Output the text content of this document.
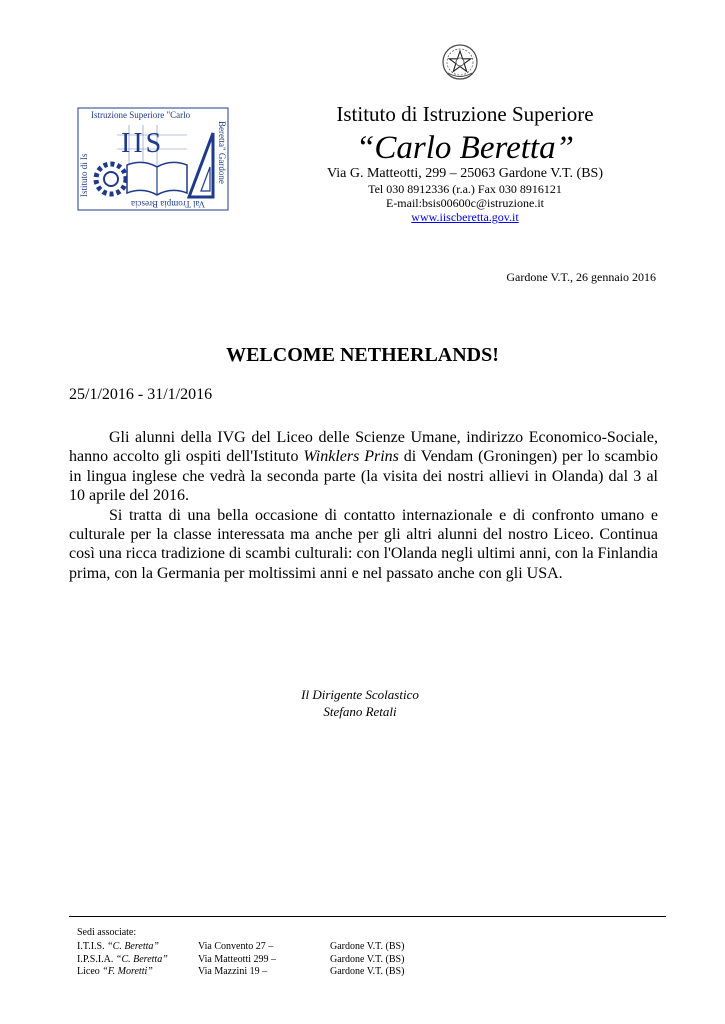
Istruzione Superiore "Carlo
Val Trompia Brescia
Istituto di Is	Beretta" Gardone
IIS
Istituto di Istruzione Superiore
“Carlo Beretta”
Via G. Matteotti, 299 – 25063 Gardone V.T. (BS)
Tel 030 8912336 (r.a.) Fax 030 8916121
E-mail:bsis00600c@istruzione.it
www.iiscberetta.gov.it
Gardone V.T., 26 gennaio 2016
WELCOME NETHERLANDS!
25/1/2016 - 31/1/2016

Gli alunni della IVG del Liceo delle Scienze Umane, indirizzo Economico-Sociale, hanno accolto gli ospiti dell'Istituto Winklers Prins di Vendam (Groningen) per lo scambio in lingua inglese che vedrà la seconda parte (la visita dei nostri allievi in Olanda) dal 3 al 10 aprile del 2016.

Si tratta di una bella occasione di contatto internazionale e di confronto umano e culturale per la classe interessata ma anche per gli altri alunni del nostro Liceo. Continua così una ricca tradizione di scambi culturali: con l'Olanda negli ultimi anni, con la Finlandia prima, con la Germania per moltissimi anni e nel passato anche con gli USA.

Il Dirigente Scolastico
Stefano Retali
Sedi associate:
I.T.I.S. “C. Beretta”	Via Convento 27 –	Gardone V.T. (BS)
I.P.S.I.A. “C. Beretta”	Via Matteotti 299 –	Gardone V.T. (BS)
Liceo “F. Moretti”	Via Mazzini 19 –	Gardone V.T. (BS)
